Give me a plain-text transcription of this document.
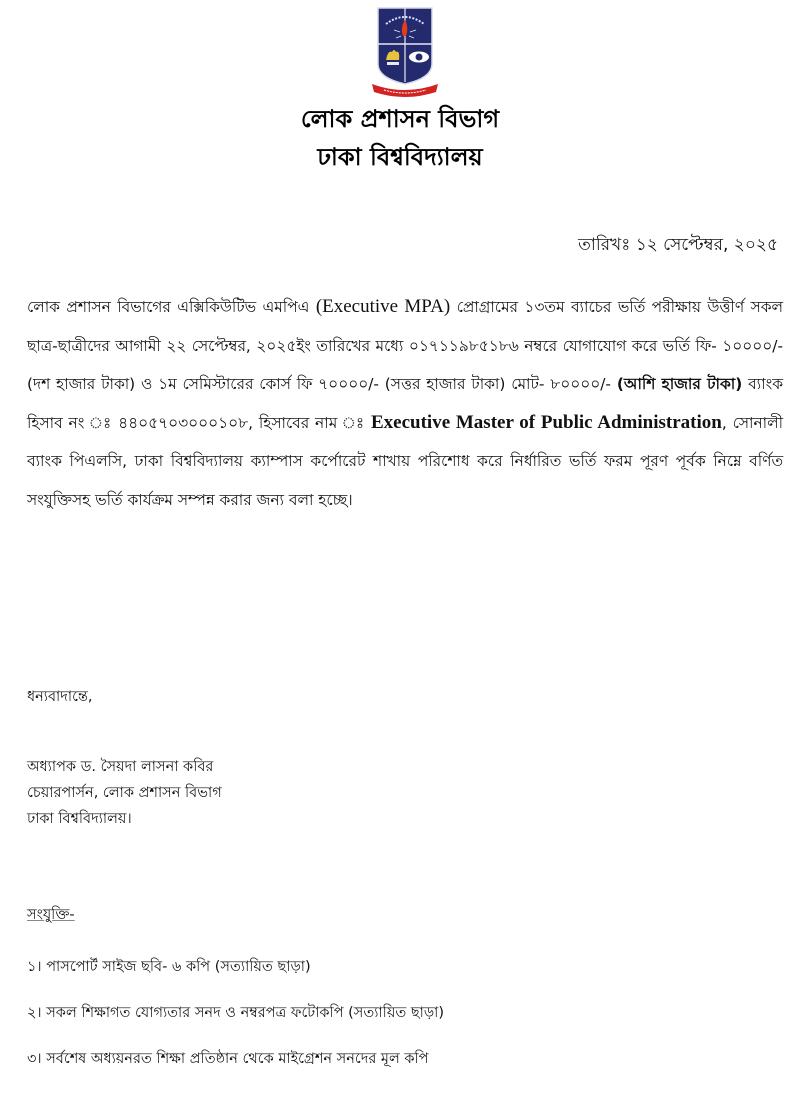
লোক প্রশাসন বিভাগ
ঢাকা বিশ্ববিদ্যালয়
তারিখঃ ১২ সেপ্টেম্বর, ২০২৫
লোক প্রশাসন বিভাগের এক্সিকিউটিভ এমপিএ (Executive MPA) প্রোগ্রামের ১৩তম ব্যাচের ভর্তি পরীক্ষায় উত্তীর্ণ সকল ছাত্র-ছাত্রীদের আগামী ২২ সেপ্টেম্বর, ২০২৫ইং তারিখের মধ্যে ০১৭১১৯৮৫১৮৬ নম্বরে যোগাযোগ করে ভর্তি ফি- ১০০০০/- (দশ হাজার টাকা) ও ১ম সেমিস্টারের কোর্স ফি ৭০০০০/- (সত্তর হাজার টাকা) মোট- ৮০০০০/- (আশি হাজার টাকা) ব্যাংক হিসাব নং ঃ ৪৪০৫৭০৩০০০১০৮, হিসাবের নাম ঃ Executive Master of Public Administration, সোনালী ব্যাংক পিএলসি, ঢাকা বিশ্ববিদ্যালয় ক্যাম্পাস কর্পোরেট শাখায় পরিশোধ করে নির্ধারিত ভর্তি ফরম পূরণ পূর্বক নিম্নে বর্ণিত সংযুক্তিসহ ভর্তি কার্যক্রম সম্পন্ন করার জন্য বলা হচ্ছে।
ধন্যবাদান্তে,
অধ্যাপক ড. সৈয়দা লাসনা কবির
চেয়ারপার্সন, লোক প্রশাসন বিভাগ
ঢাকা বিশ্ববিদ্যালয়।
সংযুক্তি-
১। পাসপোর্ট সাইজ ছবি- ৬ কপি (সত্যায়িত ছাড়া)
২। সকল শিক্ষাগত যোগ্যতার সনদ ও নম্বরপত্র ফটোকপি (সত্যায়িত ছাড়া)
৩। সর্বশেষ অধ্যয়নরত শিক্ষা প্রতিষ্ঠান থেকে মাইগ্রেশন সনদের মূল কপি
